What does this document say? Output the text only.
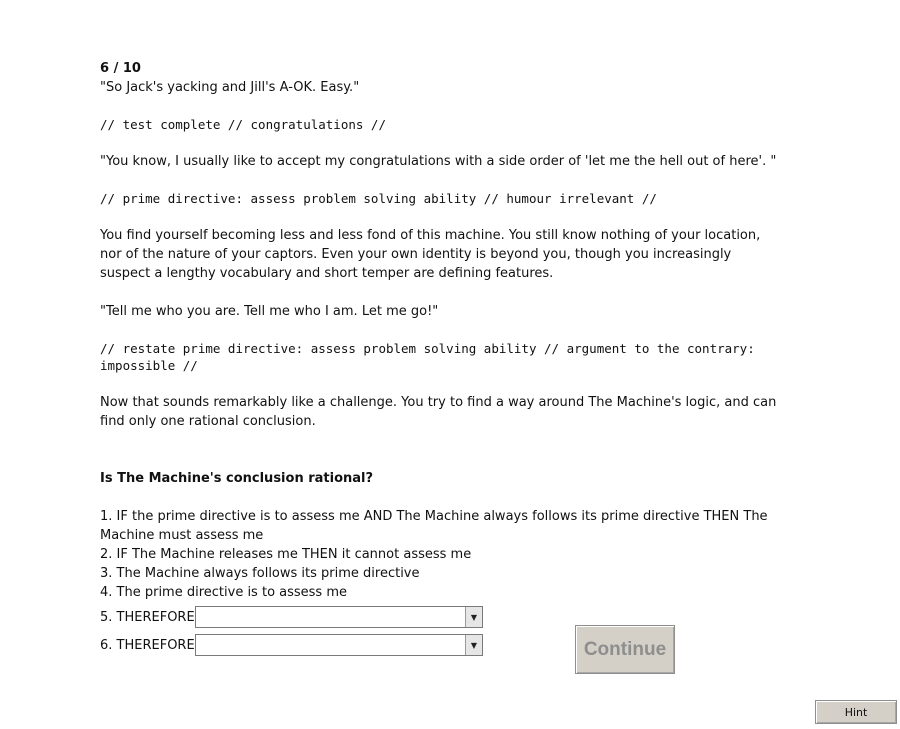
6 / 10

"So Jack's yacking and Jill's A-OK. Easy."

// test complete // congratulations //

"You know, I usually like to accept my congratulations with a side order of 'let me the hell out of here'. "

// prime directive: assess problem solving ability // humour irrelevant //

You find yourself becoming less and less fond of this machine. You still know nothing of your location, nor of the nature of your captors. Even your own identity is beyond you, though you increasingly suspect a lengthy vocabulary and short temper are defining features.

"Tell me who you are. Tell me who I am. Let me go!"

// restate prime directive: assess problem solving ability // argument to the contrary: impossible //

Now that sounds remarkably like a challenge. You try to find a way around The Machine's logic, and can find only one rational conclusion.

Is The Machine's conclusion rational?
1. IF the prime directive is to assess me AND The Machine always follows its prime directive THEN The Machine must assess me
2. IF The Machine releases me THEN it cannot assess me
3. The Machine always follows its prime directive
4. The prime directive is to assess me
5. THEREFORE	▼
6. THEREFORE	▼	Continue
Hint
